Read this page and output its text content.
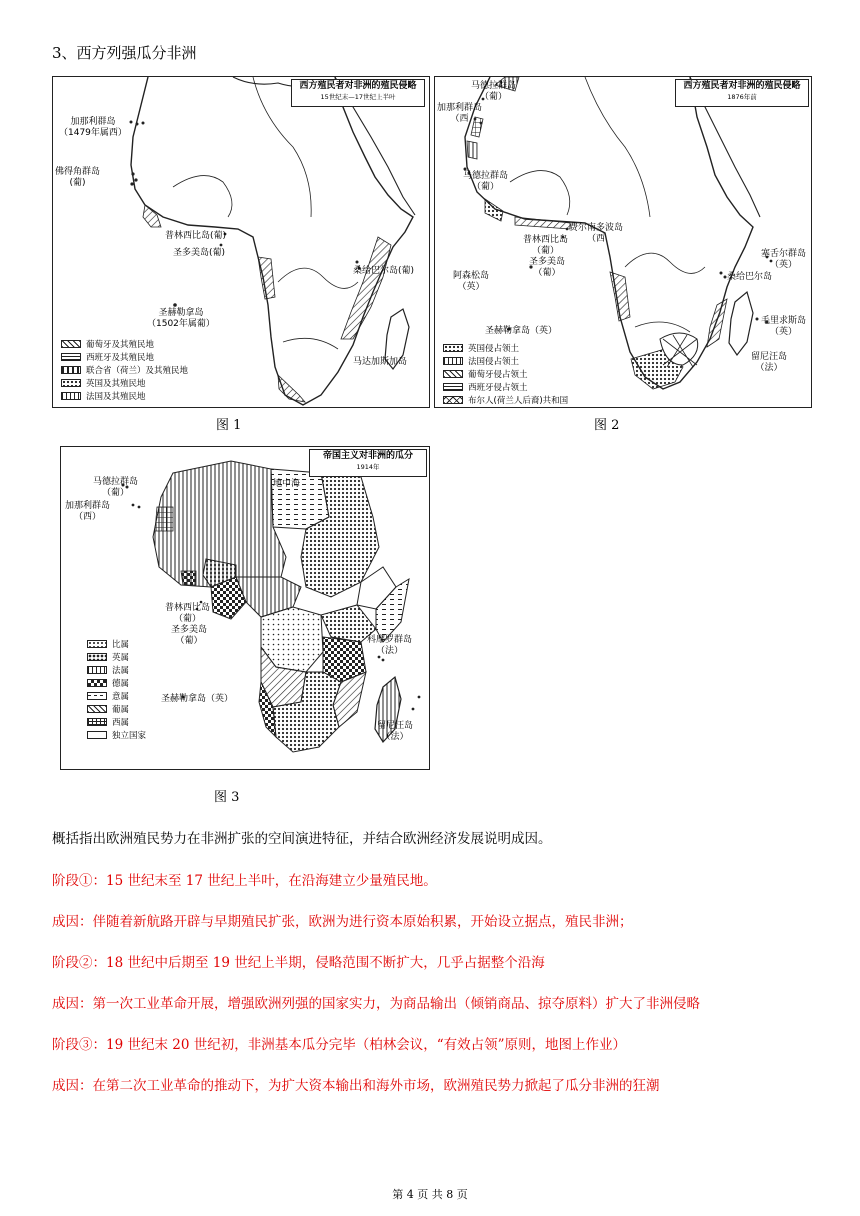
3、西方列强瓜分非洲
西方殖民者对非洲的殖民侵略
15世纪末—17世纪上半叶
加那利群岛
（1479年属西）
佛得角群岛
(葡)
普林西比岛(葡)
圣多美岛(葡)
桑给巴尔岛(葡)
圣赫勒拿岛
（1502年属葡）
马达加斯加岛
葡萄牙及其殖民地
西班牙及其殖民地
联合省（荷兰）及其殖民地
英国及其殖民地
法国及其殖民地
图 1
西方殖民者对非洲的殖民侵略
1876年前
马德拉群岛
（葡）
加那利群岛
（西
马德拉群岛
（葡）
费尔南多波岛
（西
普林西比岛
（葡）
圣多美岛
（葡）
阿森松岛
（英）
圣赫勒拿岛（英）
塞舌尔群岛
（英）
桑给巴尔岛
毛里求斯岛
（英）
留尼汪岛
（法）
英国侵占领土
法国侵占领土
葡萄牙侵占领土
西班牙侵占领土
布尔人(荷兰人后裔)共和国
图 2
帝国主义对非洲的瓜分
1914年
马德拉群岛
（葡）
加那利群岛
（西）
地中海
普林西比岛
（葡）
圣多美岛
（葡）	科摩罗群岛
（法）
圣赫勒拿岛（英）
留尼汪岛
（法）
比属
英属
法属
德属
意属
葡属
西属
独立国家
图 3
概括指出欧洲殖民势力在非洲扩张的空间演进特征，并结合欧洲经济发展说明成因。
阶段①：15 世纪末至 17 世纪上半叶，在沿海建立少量殖民地。
成因：伴随着新航路开辟与早期殖民扩张，欧洲为进行资本原始积累，开始设立据点，殖民非洲；
阶段②：18 世纪中后期至 19 世纪上半期，侵略范围不断扩大，几乎占据整个沿海
成因：第一次工业革命开展，增强欧洲列强的国家实力，为商品输出（倾销商品、掠夺原料）扩大了非洲侵略
阶段③：19 世纪末 20 世纪初，非洲基本瓜分完毕（柏林会议，“有效占领”原则，地图上作业）
成因：在第二次工业革命的推动下，为扩大资本输出和海外市场，欧洲殖民势力掀起了瓜分非洲的狂潮
第 4 页 共 8 页
